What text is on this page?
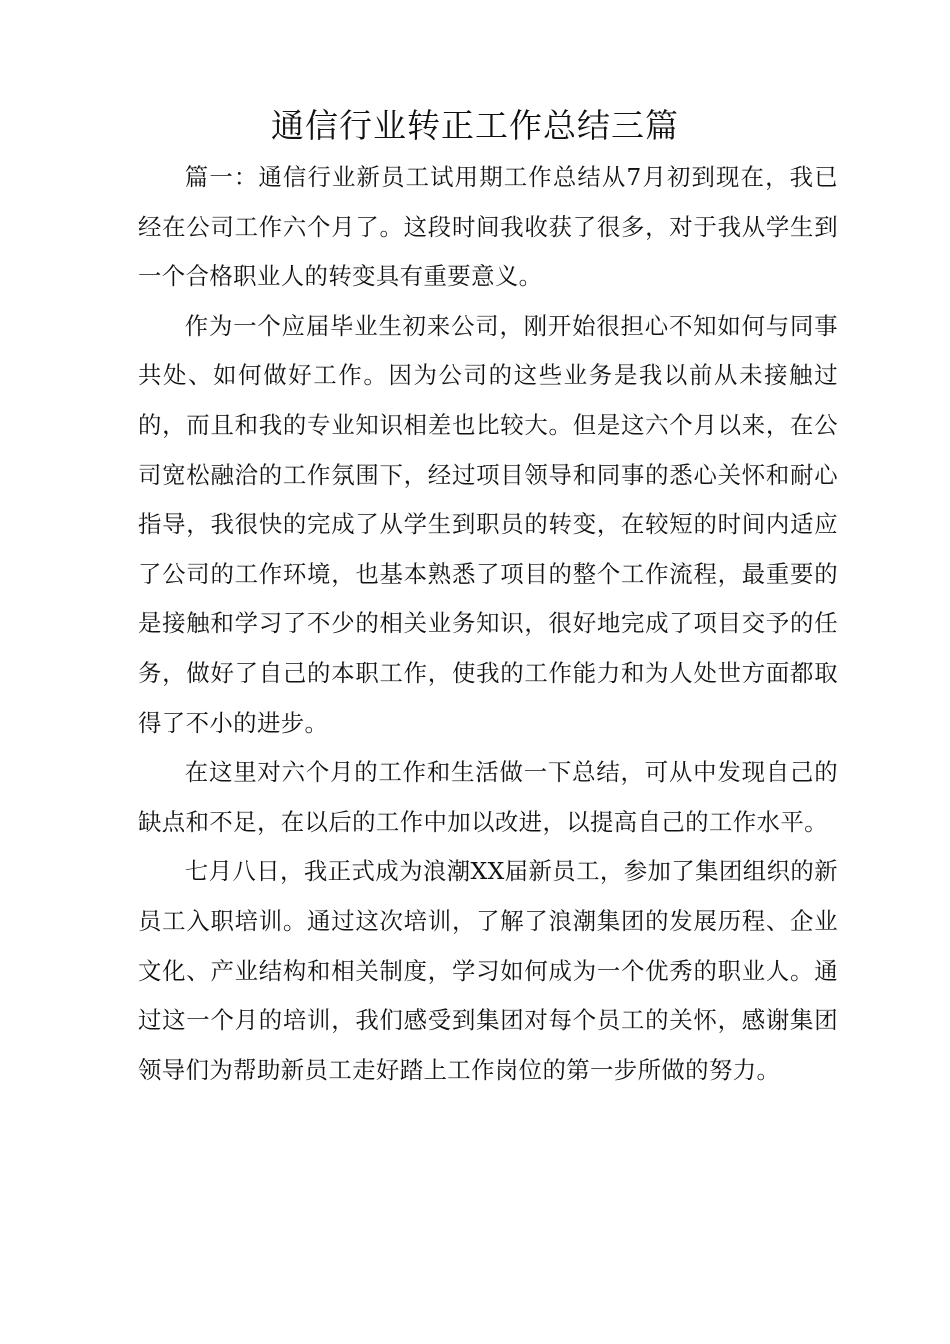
通信行业转正工作总结三篇

篇一：通信行业新员工试用期工作总结从7月初到现在，我已经在公司工作六个月了。这段时间我收获了很多，对于我从学生到一个合格职业人的转变具有重要意义。

作为一个应届毕业生初来公司，刚开始很担心不知如何与同事共处、如何做好工作。因为公司的这些业务是我以前从未接触过的，而且和我的专业知识相差也比较大。但是这六个月以来，在公司宽松融洽的工作氛围下，经过项目领导和同事的悉心关怀和耐心指导，我很快的完成了从学生到职员的转变，在较短的时间内适应了公司的工作环境，也基本熟悉了项目的整个工作流程，最重要的是接触和学习了不少的相关业务知识，很好地完成了项目交予的任务，做好了自己的本职工作，使我的工作能力和为人处世方面都取得了不小的进步。

在这里对六个月的工作和生活做一下总结，可从中发现自己的缺点和不足，在以后的工作中加以改进，以提高自己的工作水平。

七月八日，我正式成为浪潮XX届新员工，参加了集团组织的新员工入职培训。通过这次培训，了解了浪潮集团的发展历程、企业文化、产业结构和相关制度，学习如何成为一个优秀的职业人。通过这一个月的培训，我们感受到集团对每个员工的关怀，感谢集团领导们为帮助新员工走好踏上工作岗位的第一步所做的努力。
